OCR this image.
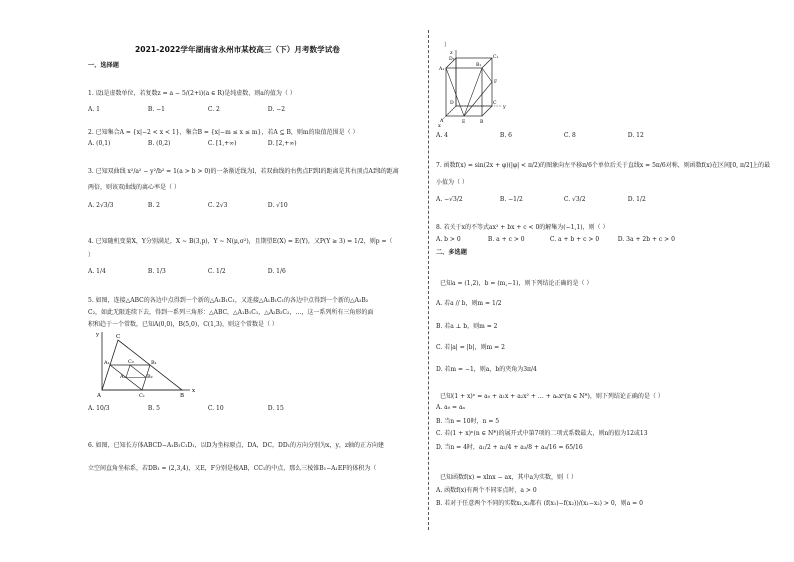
2021-2022学年湖南省永州市某校高三（下）月考数学试卷
一、选择题
1. 设i是虚数单位，若复数z = a − 5/(2+i)(a ∈ R)是纯虚数，则a的值为（ ）
A. 1	B. −1	C. 2	D. −2
2. 已知集合A = {x|−2 < x < 1}，集合B = {x|−m ≤ x ≤ m}，若A ⊆ B，则m的取值范围是（ ）
A. (0,1)	B. (0,2)	C. [1,+∞)	D. [2,+∞)
3. 已知双曲线 x²/a² − y²/b² = 1(a > b > 0)的一条渐近线为l，若双曲线的右焦点F到l的距离是其右顶点A到l的距离
两倍，则该双曲线的离心率是（ ）
A. 2√3/3	B. 2	C. 2√3	D. √10
4. 已知随机变量X，Y分别满足，X ~ B(3,p)，Y ~ N(μ,σ²)，且期望E(X) = E(Y)，又P(Y ≥ 3) = 1/2，则p =（
）
A. 1/4	B. 1/3	C. 1/2	D. 1/6
5. 如图，连接△ABC的各边中点得到一个新的△A₁B₁C₁，又连接△A₁B₁C₁的各边中点得到一个新的△A₂B₂
C₂，如此无限连续下去，得到一系列三角形：△ABC，△A₁B₁C₁，△A₂B₂C₂，…，这一系列所有三角形的面
积和趋于一个常数，已知A(0,0)，B(5,0)，C(1,3)，则这个常数是（ ）
y	C
A₁	B₁
A₂	B₂
C₂
C₁
A	B
x
A. 10/3	B. 5	C. 10	D. 15
6. 如图，已知长方体ABCD−A₁B₁C₁D₁，以D为坐标原点，DA，DC，DD₁的方向分别为x，y，z轴的正方向建
立空间直角坐标系，若DB₁ = (2,3,4)，又E，F分别是棱AB，CC₁的中点，那么三棱锥B₁−A₁EF的体积为（
）
z
D₁
A₁
B₁
C₁
F
D	C
y
A	E	B
x
A. 4	B. 6	C. 8	D. 12
7. 函数f(x) = sin(2x + φ)(|φ| < π/2)的图象向左平移π/6个单位后关于直线x = 5π/6对称，则函数f(x)在区间[0, π/2]上的最
小值为（ ）
A. −√3/2	B. −1/2	C. √3/2	D. 1/2
8. 若关于x的不等式ax² + bx + c < 0的解集为(−1,1)，则（ ）
A. b > 0	B. a + c > 0	C. a + b + c > 0	D. 3a + 2b + c > 0
二、多选题
已知a = (1,2)，b = (m,−1)，则下列结论正确的是（ ）
A. 若a // b，则m = 1/2
B. 若a ⊥ b，则m = 2
C. 若|a| = |b|，则m = 2
D. 若m = −1，则a，b的夹角为3π/4
已知(1 + x)ⁿ = a₀ + a₁x + a₂x² + … + aₙxⁿ(n ∈ N*)，则下列结论正确的是（ ）
A. a₀ = aₙ
B. 当n = 10时，n = 5
C. 若(1 + x)ⁿ(n ∈ N*)的展开式中第7项的二项式系数最大，则n的值为12或13
D. 当n = 4时，a₁/2 + a₂/4 + a₃/8 + a₄/16 = 65/16
已知函数f(x) = xlnx − ax，其中a为实数，则（ ）
A. 函数f(x)有两个不同零点时，a > 0
B. 若对于任意两个不同的实数x₁,x₂都有 (f(x₁)−f(x₂))/(x₁−x₂) > 0，则a = 0
